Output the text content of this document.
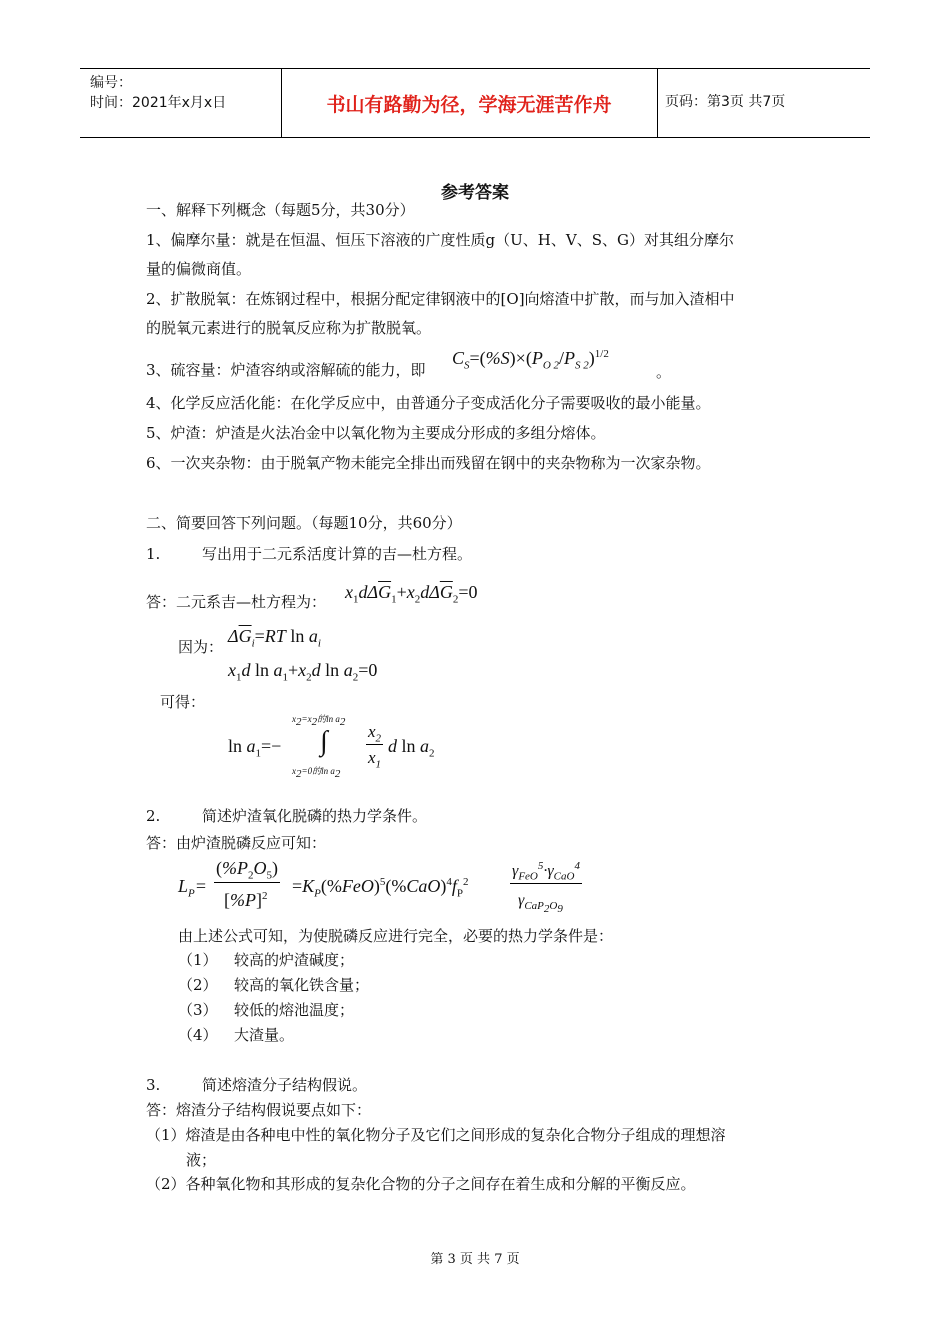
编号：
时间：2021年x月x日	书山有路勤为径，学海无涯苦作舟	页码：第3页 共7页
参考答案
一、解释下列概念（每题5分，共30分）
1、偏摩尔量：就是在恒温、恒压下溶液的广度性质g（U、H、V、S、G）对其组分摩尔
量的偏微商值。
2、扩散脱氧：在炼钢过程中，根据分配定律钢液中的[O]向熔渣中扩散，而与加入渣相中
的脱氧元素进行的脱氧反应称为扩散脱氧。
3、硫容量：炉渣容纳或溶解硫的能力，即
$C_S=(\%S)\times(P_{O 2}/P_{S 2})^{1/2}$
。
4、化学反应活化能：在化学反应中，由普通分子变成活化分子需要吸收的最小能量。
5、炉渣：炉渣是火法冶金中以氧化物为主要成分形成的多组分熔体。
6、一次夹杂物：由于脱氧产物未能完全排出而残留在钢中的夹杂物称为一次家杂物。
二、简要回答下列问题。（每题10分，共60分）
1.	写出用于二元系活度计算的吉—杜方程。
答：二元系吉—杜方程为： $x_1d\Delta\overline{G}_1+x_2d\Delta\overline{G}_2=0$
因为：
$\Delta\overline{G}_i=RT$ $\ln a_i$
$x_1d$ $\ln a_1+x_2d$ $\ln a_2=0$
可得：
$\ln a_1=-$
$x_2=x_2$的$\ln a_2$
∫
$x_2=0$的$\ln a_2$
$x_2$
$x_1$
d $\ln a_2$
2.	简述炉渣氧化脱磷的热力学条件。
答：由炉渣脱磷反应可知：
$L_P=$
$(\%P_2O_5)$
$[\%P]^2 =K_P(\%FeO)^5(\%CaO)^4f_P^2$
$\gamma_{FeO}^5\cdot\gamma_{CaO}^4$
$\gamma_{CaP_2O_9}$
由上述公式可知，为使脱磷反应进行完全，必要的热力学条件是：
（1） 较高的炉渣碱度；
（2） 较高的氧化铁含量；
（3） 较低的熔池温度；
（4） 大渣量。
3.	简述熔渣分子结构假说。
答：熔渣分子结构假说要点如下：
（1）熔渣是由各种电中性的氧化物分子及它们之间形成的复杂化合物分子组成的理想溶
液；
（2）各种氧化物和其形成的复杂化合物的分子之间存在着生成和分解的平衡反应。
第 3 页 共 7 页
